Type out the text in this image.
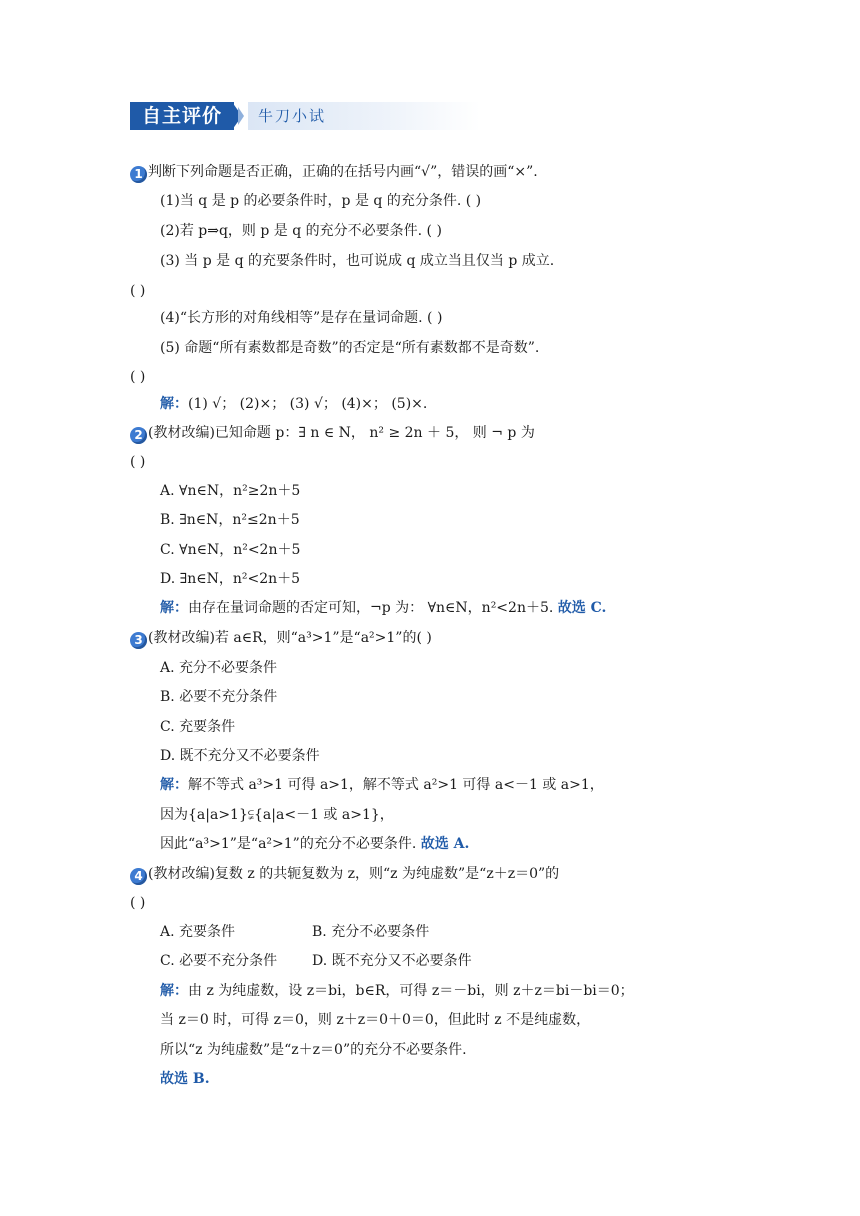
自主评价	牛刀小试
1 判断下列命题是否正确，正确的在括号内画“√”，错误的画“×”.
(1)当 q 是 p 的必要条件时，p 是 q 的充分条件. ( )
(2)若 p⇒q，则 p 是 q 的充分不必要条件. ( )
(3) 当 p 是 q 的充要条件时，也可说成 q 成立当且仅当 p 成立.
( )
(4)“长方形的对角线相等”是存在量词命题. ( )
(5) 命题“所有素数都是奇数”的否定是“所有素数都不是奇数”.
( )
解：(1) √； (2)×； (3) √； (4)×； (5)×.
2 (教材改编)已知命题 p：∃ n ∈ N， n² ≥ 2n ＋ 5， 则 ¬ p 为
( )
A. ∀n∈N，n²≥2n＋5
B. ∃n∈N，n²≤2n＋5
C. ∀n∈N，n²<2n＋5
D. ∃n∈N，n²<2n＋5
解：由存在量词命题的否定可知，¬p 为： ∀n∈N，n²<2n＋5. 故选 C.
3 (教材改编)若 a∈R，则“a³>1”是“a²>1”的( )
A. 充分不必要条件
B. 必要不充分条件
C. 充要条件
D. 既不充分又不必要条件
解：解不等式 a³>1 可得 a>1，解不等式 a²>1 可得 a<－1 或 a>1，
因为{a|a>1}⫋{a|a<－1 或 a>1}，
因此“a³>1”是“a²>1”的充分不必要条件. 故选 A.
4 (教材改编)复数 z 的共轭复数为 z，则“z 为纯虚数”是“z＋z＝0”的
( )
A. 充要条件	B. 充分不必要条件
C. 必要不充分条件 D. 既不充分又不必要条件
解：由 z 为纯虚数，设 z＝bi，b∈R，可得 z＝－bi，则 z＋z＝bi－bi＝0；
当 z＝0 时，可得 z＝0，则 z＋z＝0＋0＝0，但此时 z 不是纯虚数，
所以“z 为纯虚数”是“z＋z＝0”的充分不必要条件.
故选 B.
